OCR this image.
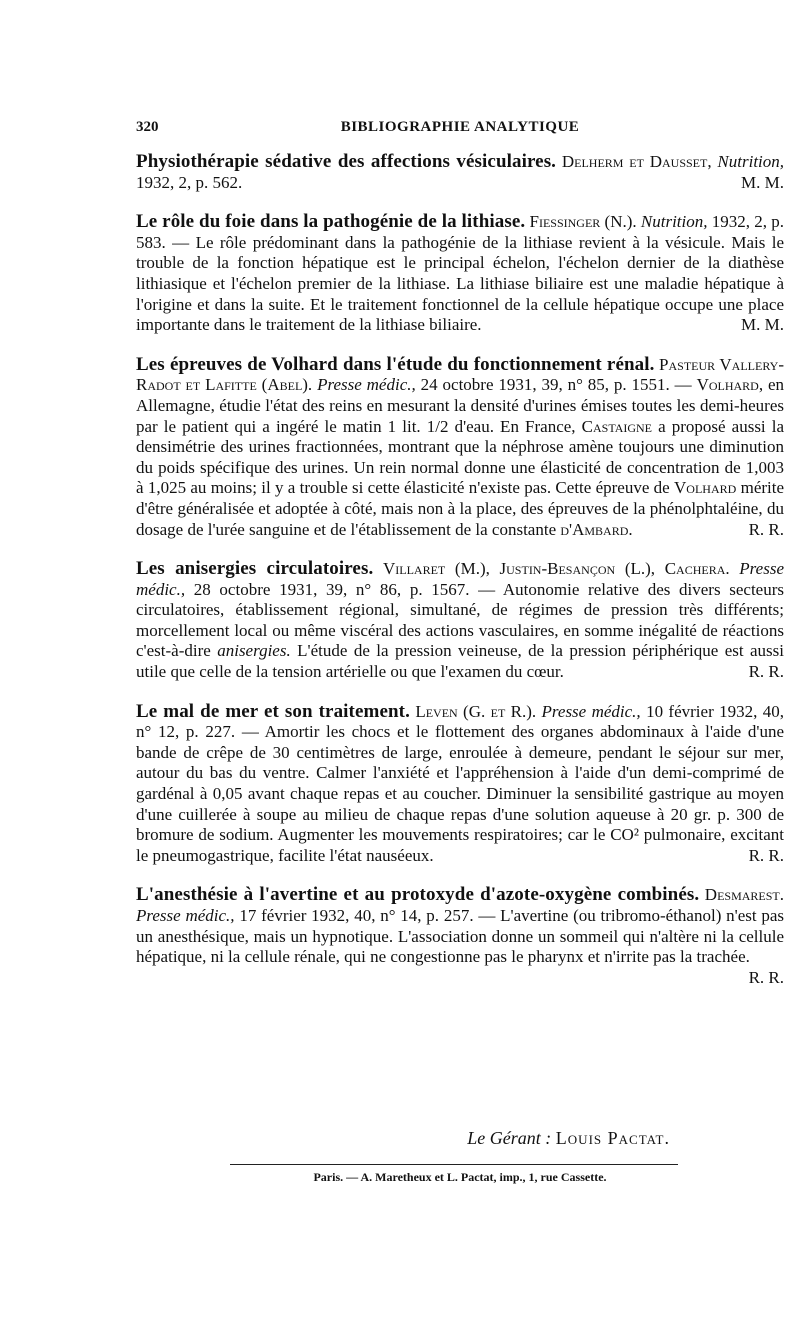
320	BIBLIOGRAPHIE ANALYTIQUE

Physiothérapie sédative des affections vésiculaires. Delherm et Dausset, Nutrition, 1932, 2, p. 562.	M. M.

Le rôle du foie dans la pathogénie de la lithiase. Fiessinger (N.). Nutrition, 1932, 2, p. 583. — Le rôle prédominant dans la pathogénie de la lithiase revient à la vésicule. Mais le trouble de la fonction hépatique est le principal échelon, l'échelon dernier de la diathèse lithiasique et l'échelon premier de la lithiase. La lithiase biliaire est une maladie hépatique à l'origine et dans la suite. Et le traitement fonctionnel de la cellule hépatique occupe une place importante dans le traitement de la lithiase biliaire.	M. M.

Les épreuves de Volhard dans l'étude du fonctionnement rénal. Pasteur Vallery-Radot et Lafitte (Abel). Presse médic., 24 octobre 1931, 39, n° 85, p. 1551. — Volhard, en Allemagne, étudie l'état des reins en mesurant la densité d'urines émises toutes les demi-heures par le patient qui a ingéré le matin 1 lit. 1/2 d'eau. En France, Castaigne a proposé aussi la densimétrie des urines fractionnées, montrant que la néphrose amène toujours une diminution du poids spécifique des urines. Un rein normal donne une élasticité de concentration de 1,003 à 1,025 au moins; il y a trouble si cette élasticité n'existe pas. Cette épreuve de Volhard mérite d'être généralisée et adoptée à côté, mais non à la place, des épreuves de la phénolphtaléine, du dosage de l'urée sanguine et de l'établissement de la constante d'Ambard.	R. R.

Les anisergies circulatoires. Villaret (M.), Justin-Besançon (L.), Cachera. Presse médic., 28 octobre 1931, 39, n° 86, p. 1567. — Autonomie relative des divers secteurs circulatoires, établissement régional, simultané, de régimes de pression très différents; morcellement local ou même viscéral des actions vasculaires, en somme inégalité de réactions c'est-à-dire anisergies. L'étude de la pression veineuse, de la pression périphérique est aussi utile que celle de la tension artérielle ou que l'examen du cœur.	R. R.

Le mal de mer et son traitement. Leven (G. et R.). Presse médic., 10 février 1932, 40, n° 12, p. 227. — Amortir les chocs et le flottement des organes abdominaux à l'aide d'une bande de crêpe de 30 centimètres de large, enroulée à demeure, pendant le séjour sur mer, autour du bas du ventre. Calmer l'anxiété et l'appréhension à l'aide d'un demi-comprimé de gardénal à 0,05 avant chaque repas et au coucher. Diminuer la sensibilité gastrique au moyen d'une cuillerée à soupe au milieu de chaque repas d'une solution aqueuse à 20 gr. p. 300 de bromure de sodium. Augmenter les mouvements respiratoires; car le CO² pulmonaire, excitant le pneumogastrique, facilite l'état nauséeux.	R. R.

L'anesthésie à l'avertine et au protoxyde d'azote-oxygène combinés. Desmarest. Presse médic., 17 février 1932, 40, n° 14, p. 257. — L'avertine (ou tribromo-éthanol) n'est pas un anesthésique, mais un hypnotique. L'association donne un sommeil qui n'altère ni la cellule hépatique, ni la cellule rénale, qui ne congestionne pas le pharynx et n'irrite pas la trachée.
R. R.
Le Gérant : Louis Pactat.
Paris. — A. Maretheux et L. Pactat, imp., 1, rue Cassette.
